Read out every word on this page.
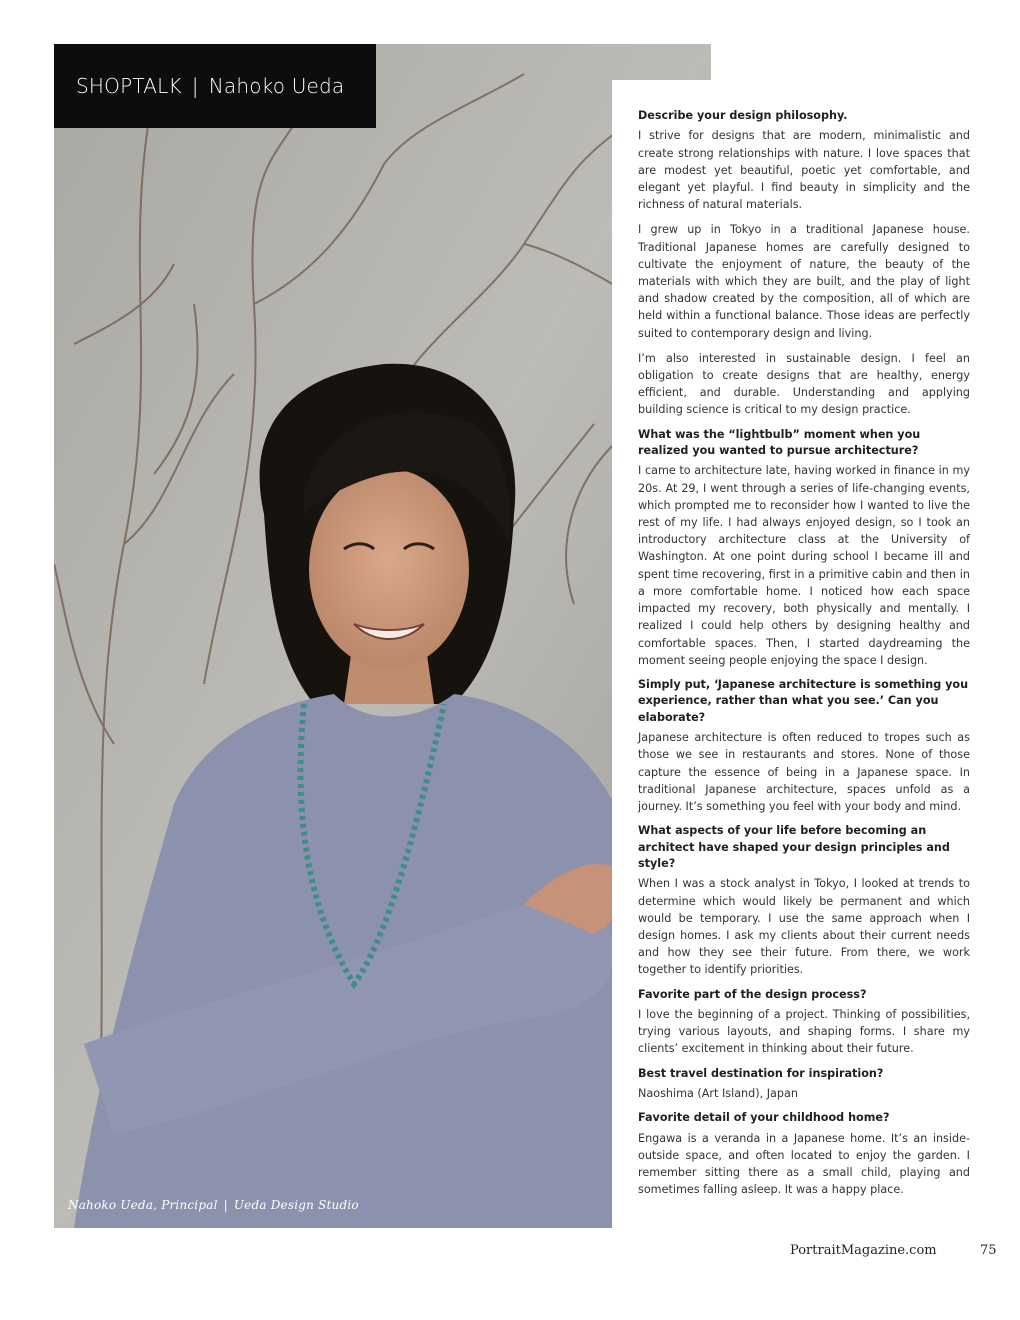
SHOPTALK | Nahoko Ueda
Nahoko Ueda, Principal | Ueda Design Studio
Describe your design philosophy.

I strive for designs that are modern, minimalistic and create strong relationships with nature. I love spaces that are modest yet beautiful, poetic yet comfortable, and elegant yet playful. I find beauty in simplicity and the richness of natural materials.

I grew up in Tokyo in a traditional Japanese house. Traditional Japanese homes are carefully designed to cultivate the enjoyment of nature, the beauty of the materials with which they are built, and the play of light and shadow created by the composition, all of which are held within a functional balance. Those ideas are perfectly suited to contemporary design and living.

I’m also interested in sustainable design. I feel an obligation to create designs that are healthy, energy efficient, and durable. Understanding and applying building science is critical to my design practice.

What was the “lightbulb” moment when you realized you wanted to pursue architecture?

I came to architecture late, having worked in finance in my 20s. At 29, I went through a series of life-changing events, which prompted me to reconsider how I wanted to live the rest of my life. I had always enjoyed design, so I took an introductory architecture class at the University of Washington. At one point during school I became ill and spent time recovering, first in a primitive cabin and then in a more comfortable home. I noticed how each space impacted my recovery, both physically and mentally. I realized I could help others by designing healthy and comfortable spaces. Then, I started daydreaming the moment seeing people enjoying the space I design.

Simply put, ‘Japanese architecture is something you experience, rather than what you see.’ Can you elaborate?

Japanese architecture is often reduced to tropes such as those we see in restaurants and stores. None of those capture the essence of being in a Japanese space. In traditional Japanese architecture, spaces unfold as a journey. It’s something you feel with your body and mind.

What aspects of your life before becoming an architect have shaped your design principles and style?

When I was a stock analyst in Tokyo, I looked at trends to determine which would likely be permanent and which would be temporary. I use the same approach when I design homes. I ask my clients about their current needs and how they see their future. From there, we work together to identify priorities.

Favorite part of the design process?

I love the beginning of a project. Thinking of possibilities, trying various layouts, and shaping forms. I share my clients’ excitement in thinking about their future.

Best travel destination for inspiration?

Naoshima (Art Island), Japan

Favorite detail of your childhood home?

Engawa is a veranda in a Japanese home. It’s an inside-outside space, and often located to enjoy the garden. I remember sitting there as a small child, playing and sometimes falling asleep. It was a happy place.

PortraitMagazine.com	75
